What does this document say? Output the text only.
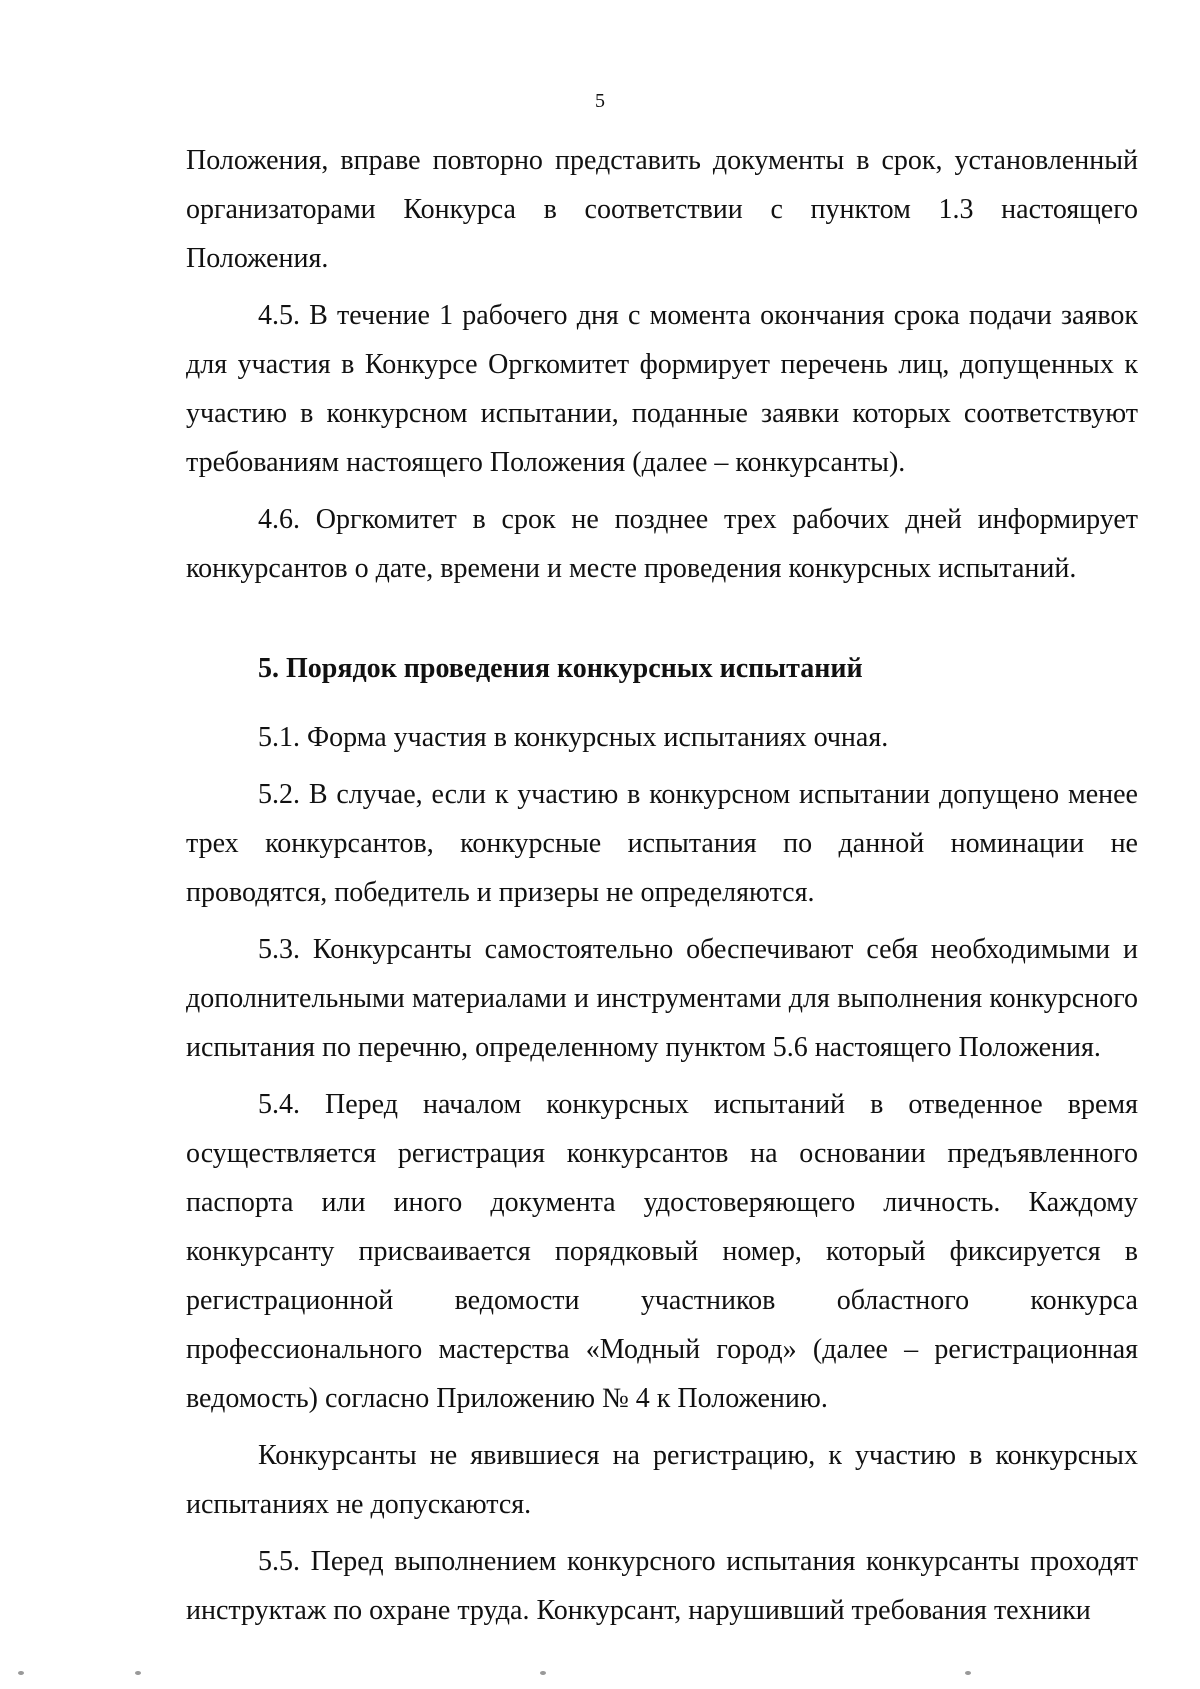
5

Положения, вправе повторно представить документы в срок, установленный организаторами Конкурса в соответствии с пунктом 1.3 настоящего Положения.

4.5. В течение 1 рабочего дня с момента окончания срока подачи заявок для участия в Конкурсе Оргкомитет формирует перечень лиц, допущенных к участию в конкурсном испытании, поданные заявки которых соответствуют требованиям настоящего Положения (далее – конкурсанты).

4.6. Оргкомитет в срок не позднее трех рабочих дней информирует конкурсантов о дате, времени и месте проведения конкурсных испытаний.

5. Порядок проведения конкурсных испытаний

5.1. Форма участия в конкурсных испытаниях очная.

5.2. В случае, если к участию в конкурсном испытании допущено менее трех конкурсантов, конкурсные испытания по данной номинации не проводятся, победитель и призеры не определяются.

5.3. Конкурсанты самостоятельно обеспечивают себя необходимыми и дополнительными материалами и инструментами для выполнения конкурсного испытания по перечню, определенному пунктом 5.6 настоящего Положения.

5.4. Перед началом конкурсных испытаний в отведенное время осуществляется регистрация конкурсантов на основании предъявленного паспорта или иного документа удостоверяющего личность. Каждому конкурсанту присваивается порядковый номер, который фиксируется в регистрационной ведомости участников областного конкурса профессионального мастерства «Модный город» (далее – регистрационная ведомость) согласно Приложению № 4 к Положению.

Конкурсанты не явившиеся на регистрацию, к участию в конкурсных испытаниях не допускаются.

5.5. Перед выполнением конкурсного испытания конкурсанты проходят инструктаж по охране труда. Конкурсант, нарушивший требования техники
